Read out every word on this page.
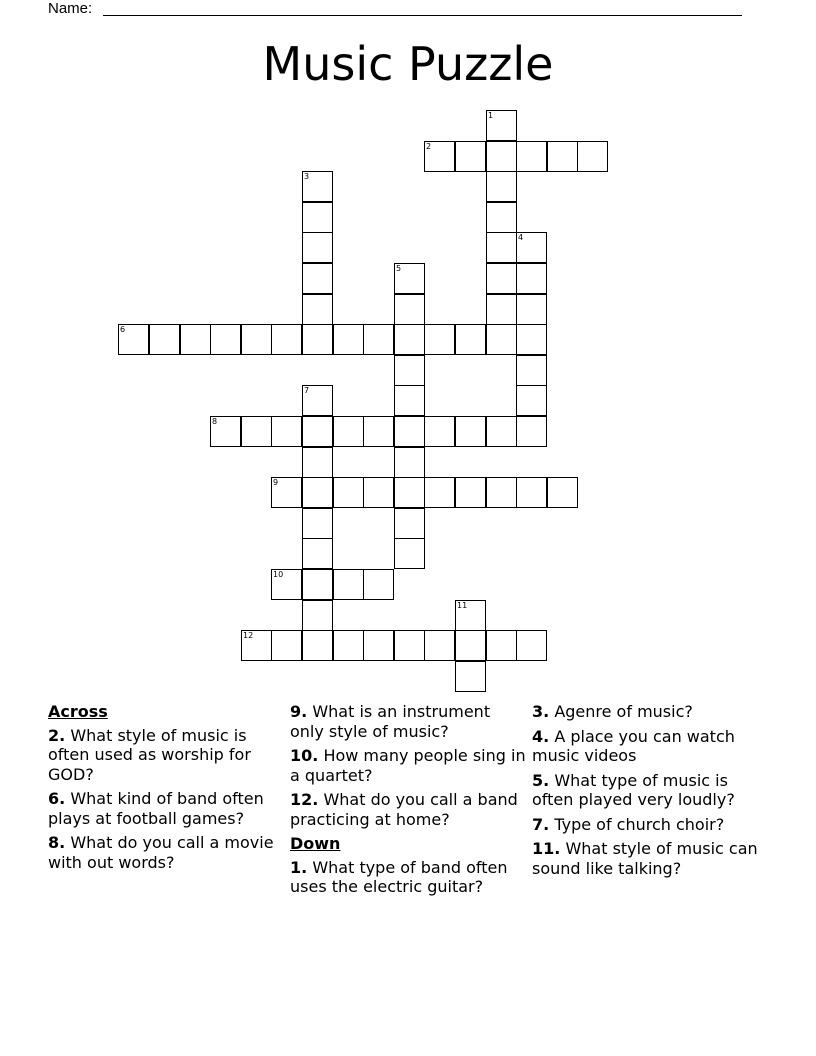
Name:
Music Puzzle
1
2
3
4
5
6
7
8
9
10
11
12
Across
2. What style of music is often used as worship for GOD?
6. What kind of band often plays at football games?
8. What do you call a movie with out words?
9. What is an instrument only style of music?
10. How many people sing in a quartet?
12. What do you call a band practicing at home?
Down
1. What type of band often uses the electric guitar?
3. Agenre of music?
4. A place you can watch music videos
5. What type of music is often played very loudly?
7. Type of church choir?
11. What style of music can sound like talking?
